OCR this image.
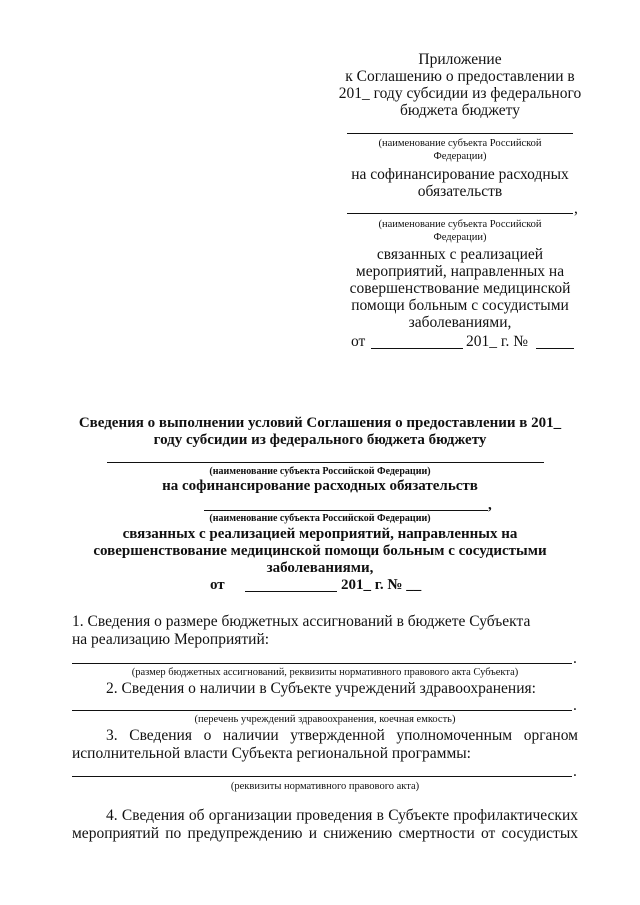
Приложение
к Соглашению о предоставлении в
201_ году субсидии из федерального
бюджета бюджету
(наименование субъекта Российской
Федерации)
на софинансирование расходных
обязательств
,
(наименование субъекта Российской
Федерации)
связанных с реализацией
мероприятий, направленных на
совершенствование медицинской
помощи больным с сосудистыми
заболеваниями,
от	201_ г. №
Сведения о выполнении условий Соглашения о предоставлении в 201_
году субсидии из федерального бюджета бюджету
(наименование субъекта Российской Федерации)
на софинансирование расходных обязательств
,
(наименование субъекта Российской Федерации)
связанных с реализацией мероприятий, направленных на
совершенствование медицинской помощи больным с сосудистыми
заболеваниями,
от	201_ г. № __
1. Сведения о размере бюджетных ассигнований в бюджете Субъекта
на реализацию Мероприятий:
.
(размер бюджетных ассигнований, реквизиты нормативного правового акта Субъекта)
2. Сведения о наличии в Субъекте учреждений здравоохранения:
.
(перечень учреждений здравоохранения, коечная емкость)
3. Сведения о наличии утвержденной уполномоченным органом
исполнительной власти Субъекта региональной программы:
.
(реквизиты нормативного правового акта)
4. Сведения об организации проведения в Субъекте профилактических
мероприятий по предупреждению и снижению смертности от сосудистых
